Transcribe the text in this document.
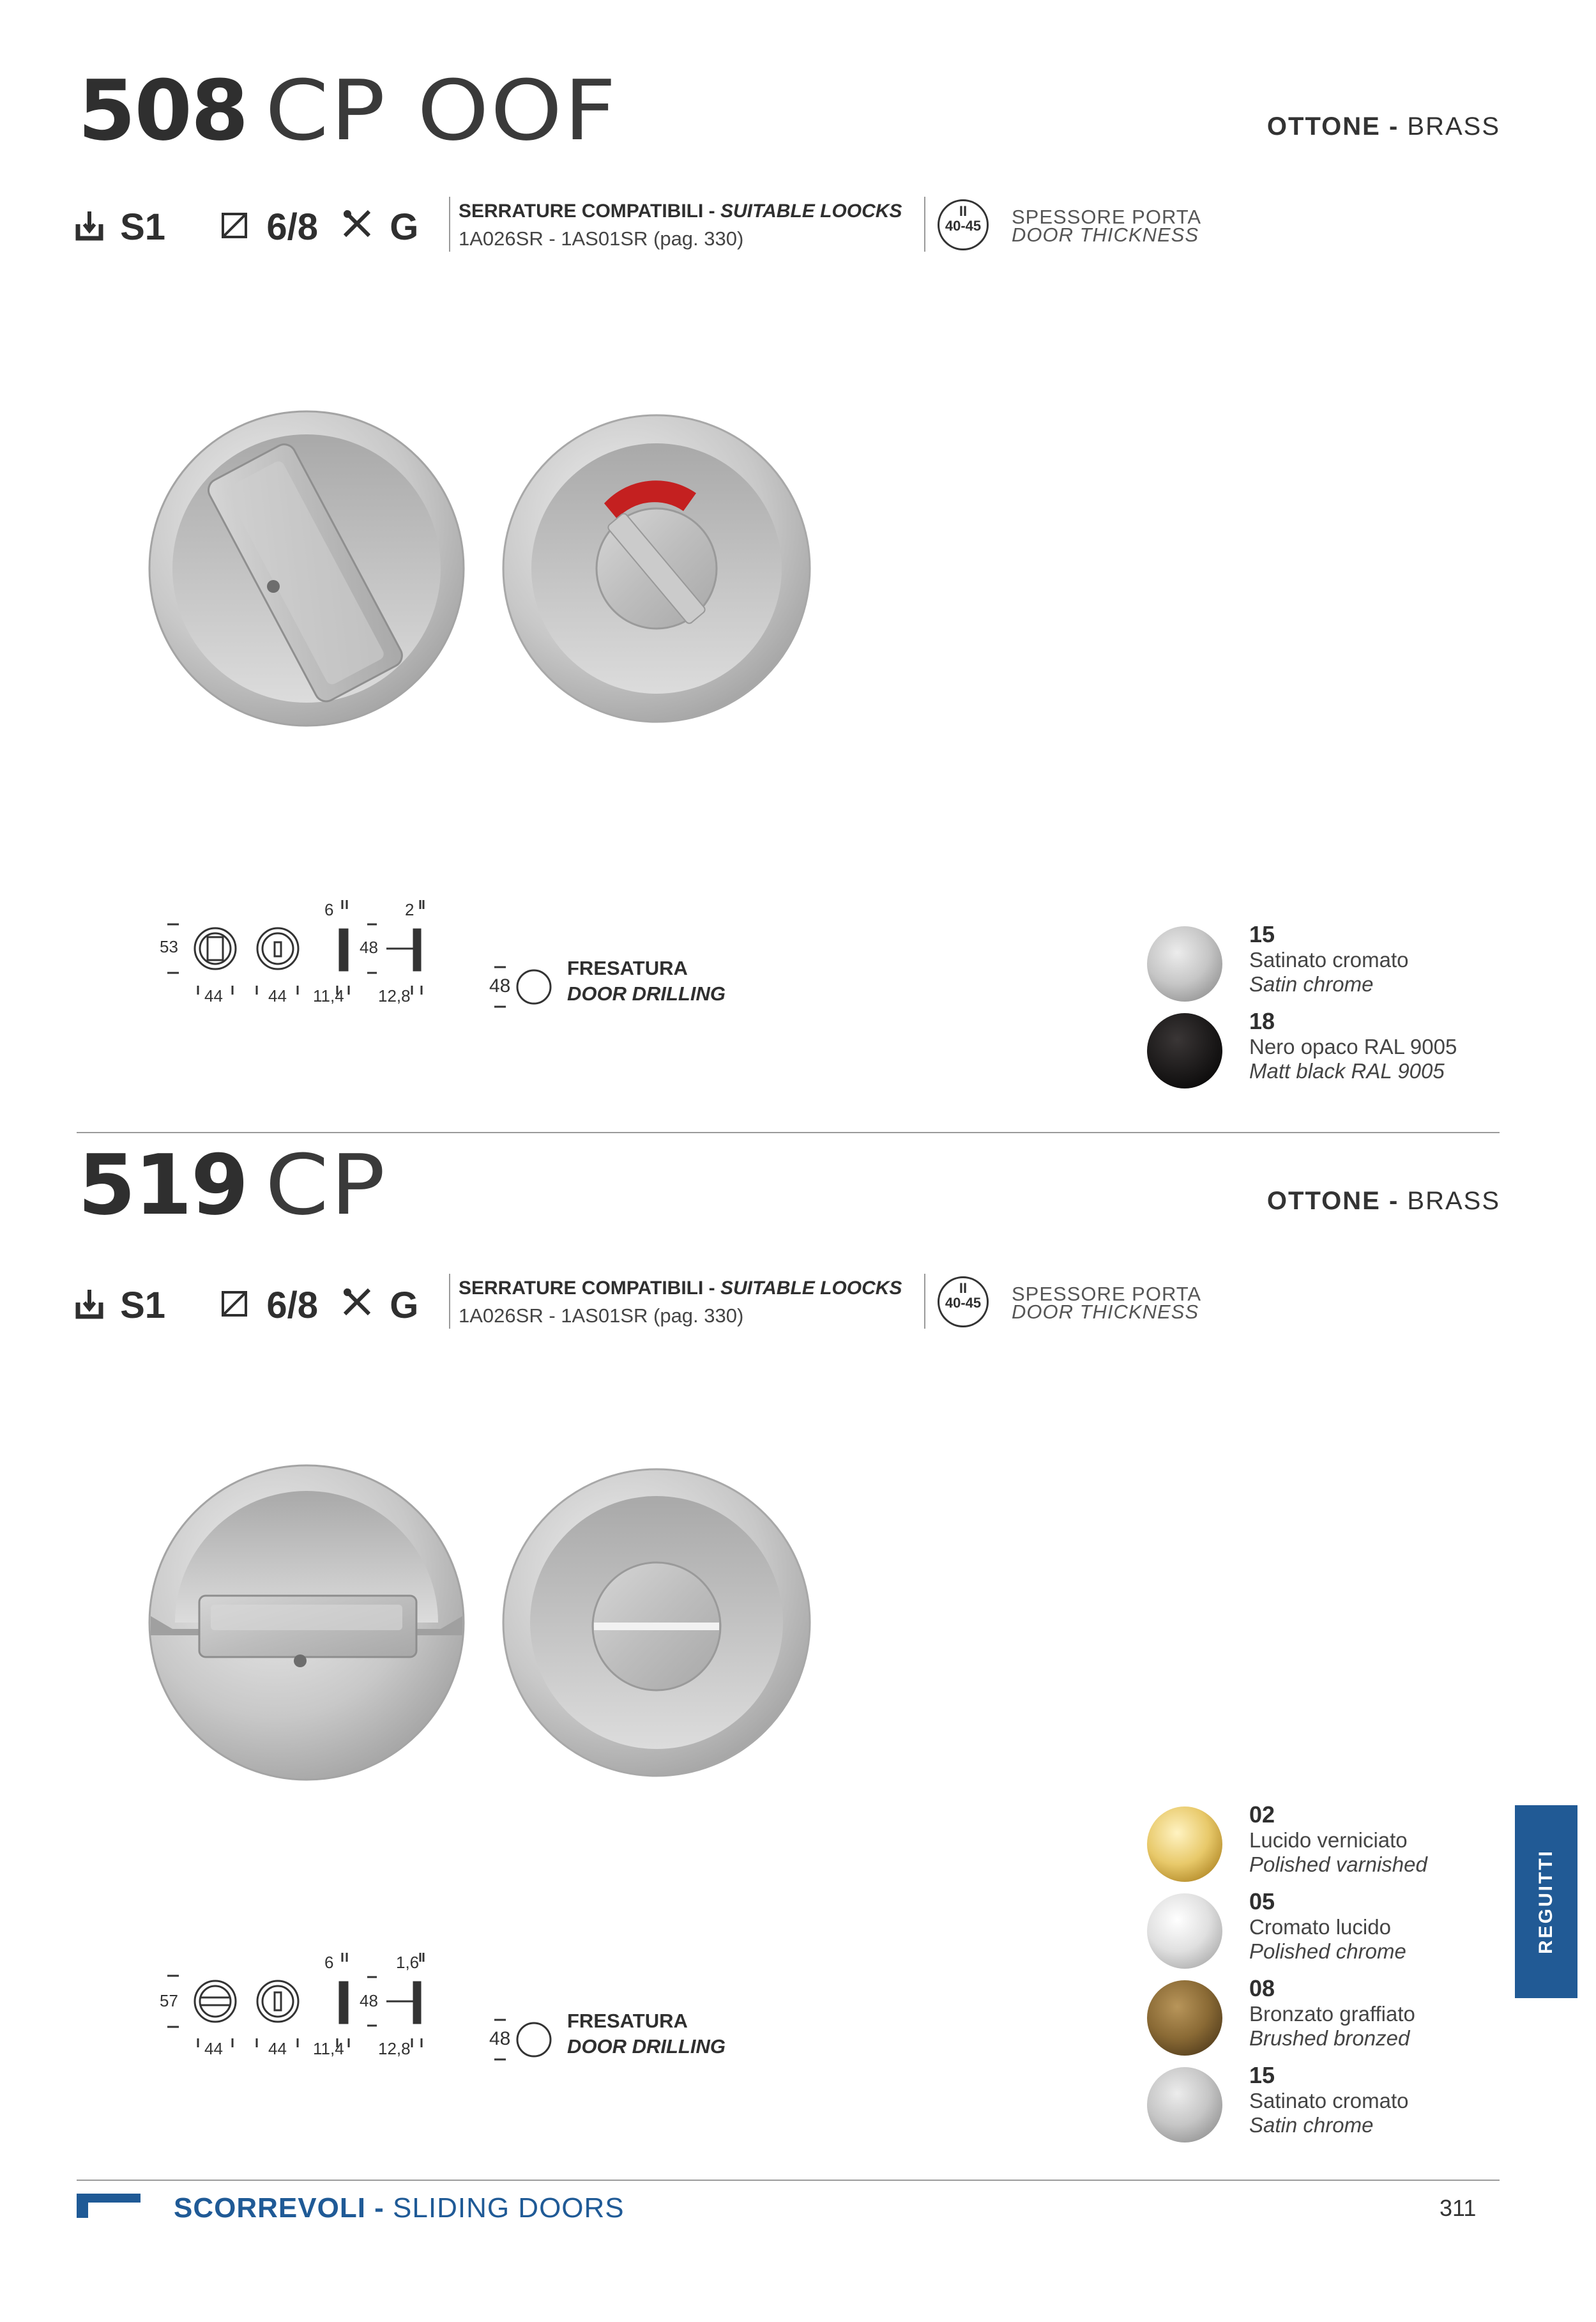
508 CP OOF	OTTONE - BRASS
S1	6/8 G SERRATURE COMPATIBILI - SUITABLE LOOCKS
1A026SR - 1AS01SR (pag. 330)
II
40-45 SPESSORE PORTA
DOOR THICKNESS
53
44	44
6	2
48
11,4 12,8	48
FRESATURA
DOOR DRILLING
15
Satinato cromato
Satin chrome
18
Nero opaco RAL 9005
Matt black RAL 9005
519 CP	OTTONE - BRASS
S1	6/8 G SERRATURE COMPATIBILI - SUITABLE LOOCKS
1A026SR - 1AS01SR (pag. 330)
II
40-45 SPESSORE PORTA
DOOR THICKNESS
57
44	44
6	1,6
48
11,4 12,8	48
FRESATURA
DOOR DRILLING
02
Lucido verniciato
Polished varnished
05
Cromato lucido
Polished chrome
08
Bronzato graffiato
Brushed bronzed
15
Satinato cromato
Satin chrome
REGUITTI
SCORREVOLI - SLIDING DOORS	311
